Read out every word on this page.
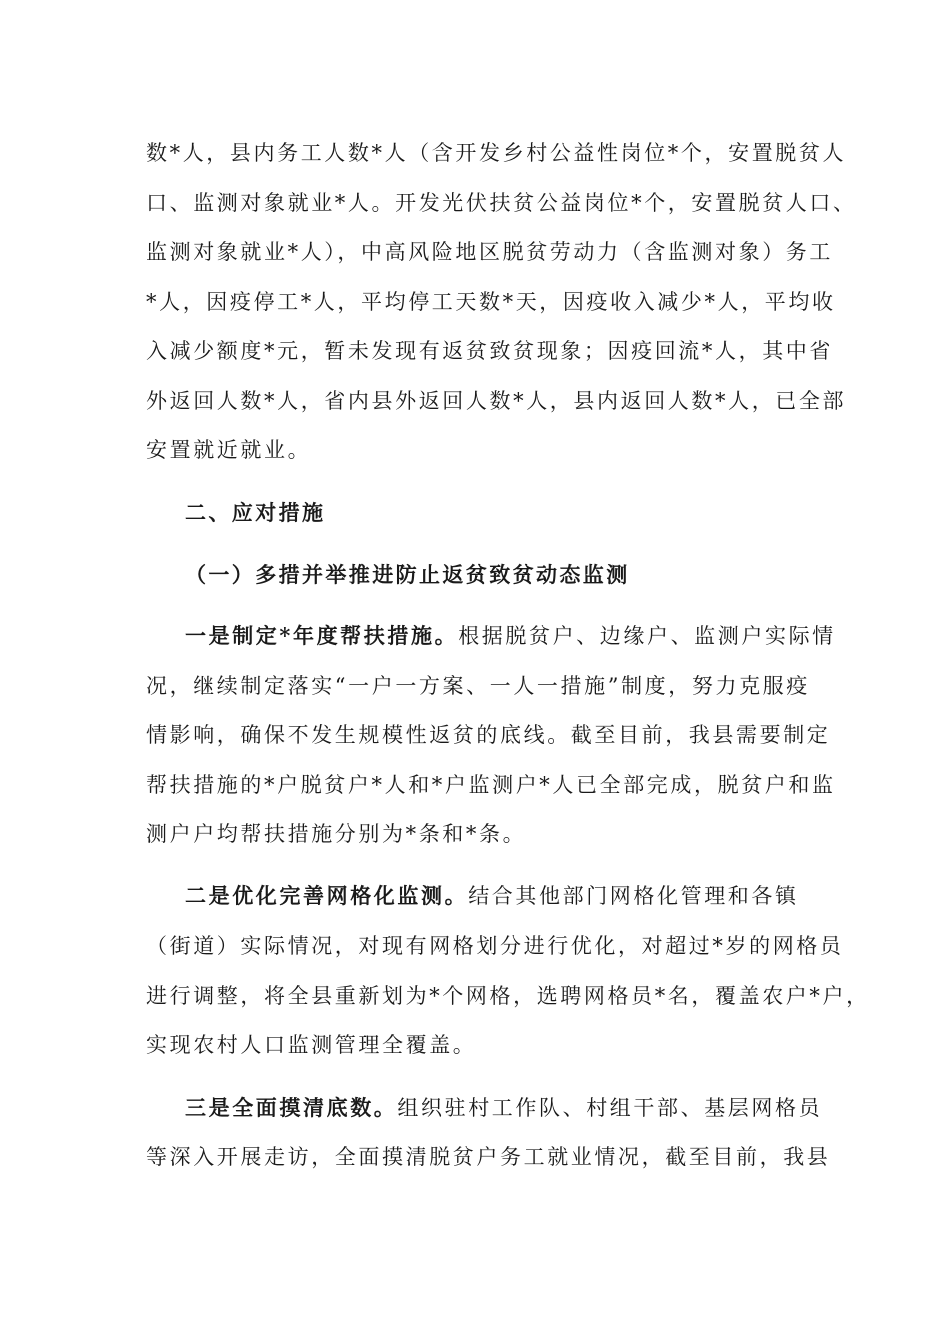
数*人，县内务工人数*人（含开发乡村公益性岗位*个，安置脱贫人
口、监测对象就业*人。开发光伏扶贫公益岗位*个，安置脱贫人口、
监测对象就业*人），中高风险地区脱贫劳动力（含监测对象）务工
*人，因疫停工*人，平均停工天数*天，因疫收入减少*人，平均收
入减少额度*元，暂未发现有返贫致贫现象；因疫回流*人，其中省
外返回人数*人，省内县外返回人数*人，县内返回人数*人，已全部
安置就近就业。
二、应对措施
（一）多措并举推进防止返贫致贫动态监测
一是制定*年度帮扶措施。根据脱贫户、边缘户、监测户实际情
况，继续制定落实“一户一方案、一人一措施”制度，努力克服疫
情影响，确保不发生规模性返贫的底线。截至目前，我县需要制定
帮扶措施的*户脱贫户*人和*户监测户*人已全部完成，脱贫户和监
测户户均帮扶措施分别为*条和*条。
二是优化完善网格化监测。结合其他部门网格化管理和各镇
（街道）实际情况，对现有网格划分进行优化，对超过*岁的网格员
进行调整，将全县重新划为*个网格，选聘网格员*名，覆盖农户*户，
实现农村人口监测管理全覆盖。
三是全面摸清底数。组织驻村工作队、村组干部、基层网格员
等深入开展走访，全面摸清脱贫户务工就业情况，截至目前，我县
